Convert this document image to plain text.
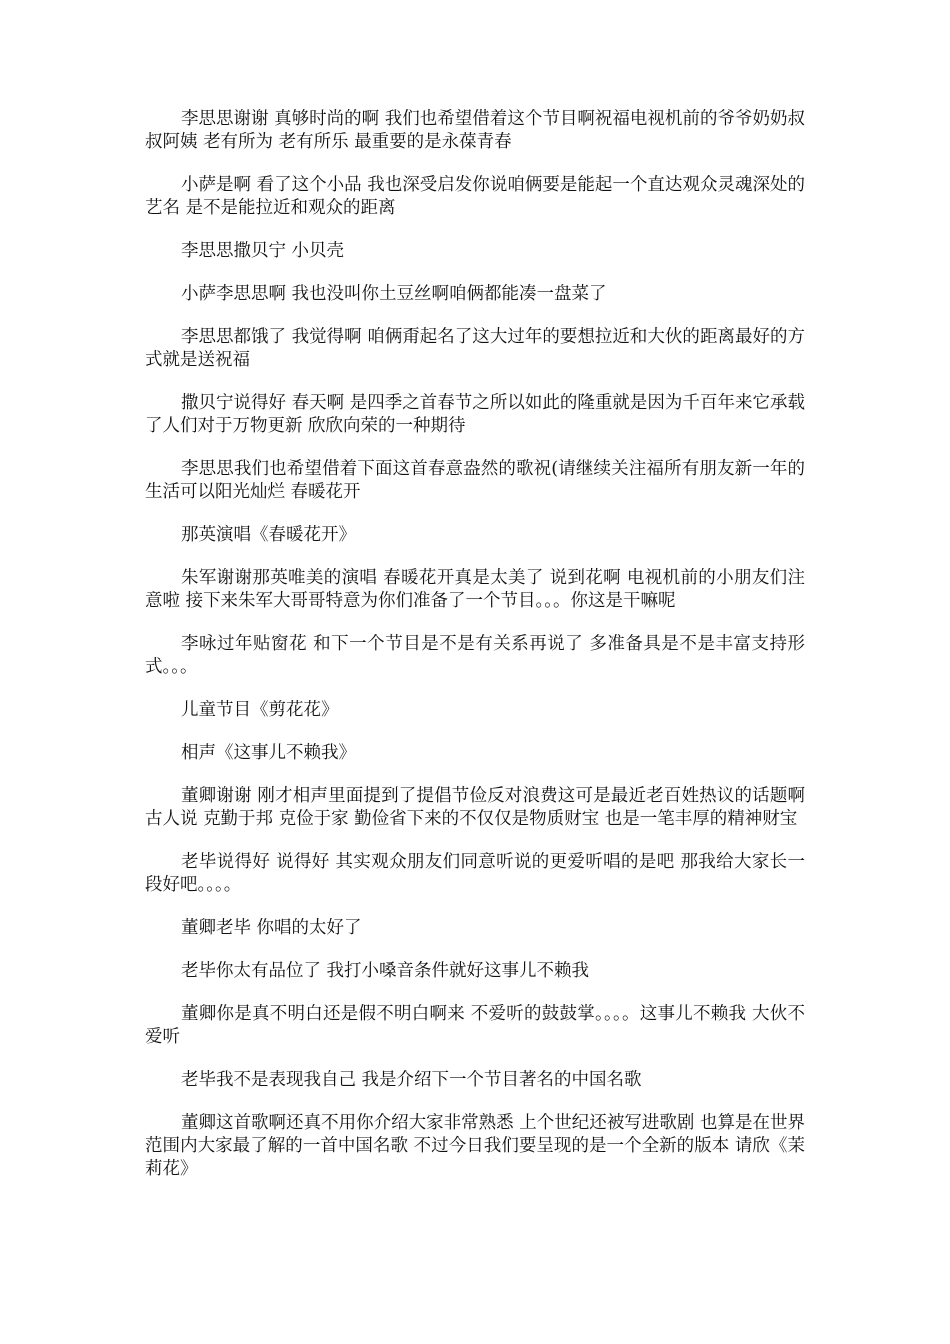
李思思谢谢 真够时尚的啊 我们也希望借着这个节目啊祝福电视机前的爷爷奶奶叔叔阿姨 老有所为 老有所乐 最重要的是永葆青春

小萨是啊 看了这个小品 我也深受启发你说咱俩要是能起一个直达观众灵魂深处的艺名 是不是能拉近和观众的距离

李思思撒贝宁 小贝壳

小萨李思思啊 我也没叫你土豆丝啊咱俩都能凑一盘菜了

李思思都饿了 我觉得啊 咱俩甭起名了这大过年的要想拉近和大伙的距离最好的方式就是送祝福

撒贝宁说得好 春天啊 是四季之首春节之所以如此的隆重就是因为千百年来它承载了人们对于万物更新 欣欣向荣的一种期待

李思思我们也希望借着下面这首春意盎然的歌祝(请继续关注福所有朋友新一年的生活可以阳光灿烂 春暖花开

那英演唱《春暖花开》

朱军谢谢那英唯美的演唱 春暖花开真是太美了 说到花啊 电视机前的小朋友们注意啦 接下来朱军大哥哥特意为你们准备了一个节目。。。你这是干嘛呢

李咏过年贴窗花 和下一个节目是不是有关系再说了 多准备具是不是丰富支持形式。。。

儿童节目《剪花花》

相声《这事儿不赖我》

董卿谢谢 刚才相声里面提到了提倡节俭反对浪费这可是最近老百姓热议的话题啊 古人说 克勤于邦 克俭于家 勤俭省下来的不仅仅是物质财宝 也是一笔丰厚的精神财宝

老毕说得好 说得好 其实观众朋友们同意听说的更爱听唱的是吧 那我给大家长一段好吧。。。。

董卿老毕 你唱的太好了

老毕你太有品位了 我打小嗓音条件就好这事儿不赖我

董卿你是真不明白还是假不明白啊来 不爱听的鼓鼓掌。。。。这事儿不赖我 大伙不爱听

老毕我不是表现我自己 我是介绍下一个节目著名的中国名歌

董卿这首歌啊还真不用你介绍大家非常熟悉 上个世纪还被写进歌剧 也算是在世界范围内大家最了解的一首中国名歌 不过今日我们要呈现的是一个全新的版本 请欣《茉莉花》
